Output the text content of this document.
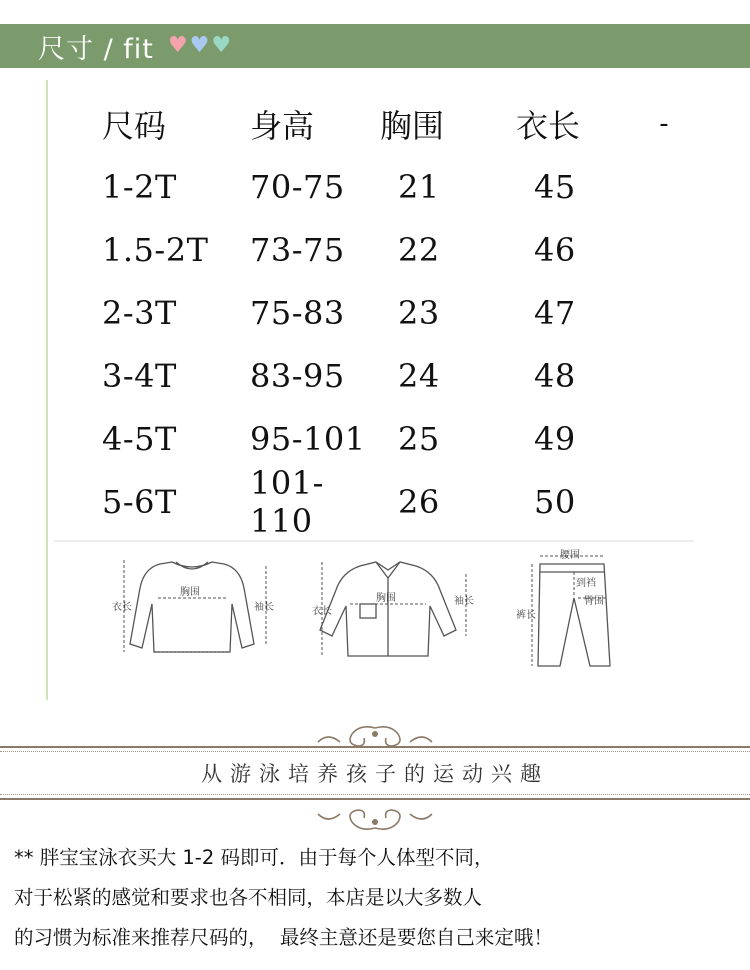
尺寸 / fit ♥ ♥ ♥
尺码	身高	胸围	衣长	-
1-2T	70-75	21	45
1.5-2T	73-75	22	46
2-3T	75-83	23	47
3-4T	83-95	24	48
4-5T	95-101	25	49
5-6T	101-110	26	50
衣长
胸围
袖长	衣长
胸围	袖长
腰围
到裆
臀围
裤长
从游泳培养孩子的运动兴趣
** 胖宝宝泳衣买大 1-2 码即可．由于每个人体型不同，
对于松紧的感觉和要求也各不相同，本店是以大多数人
的习惯为标准来推荐尺码的，  最终主意还是要您自己来定哦！
